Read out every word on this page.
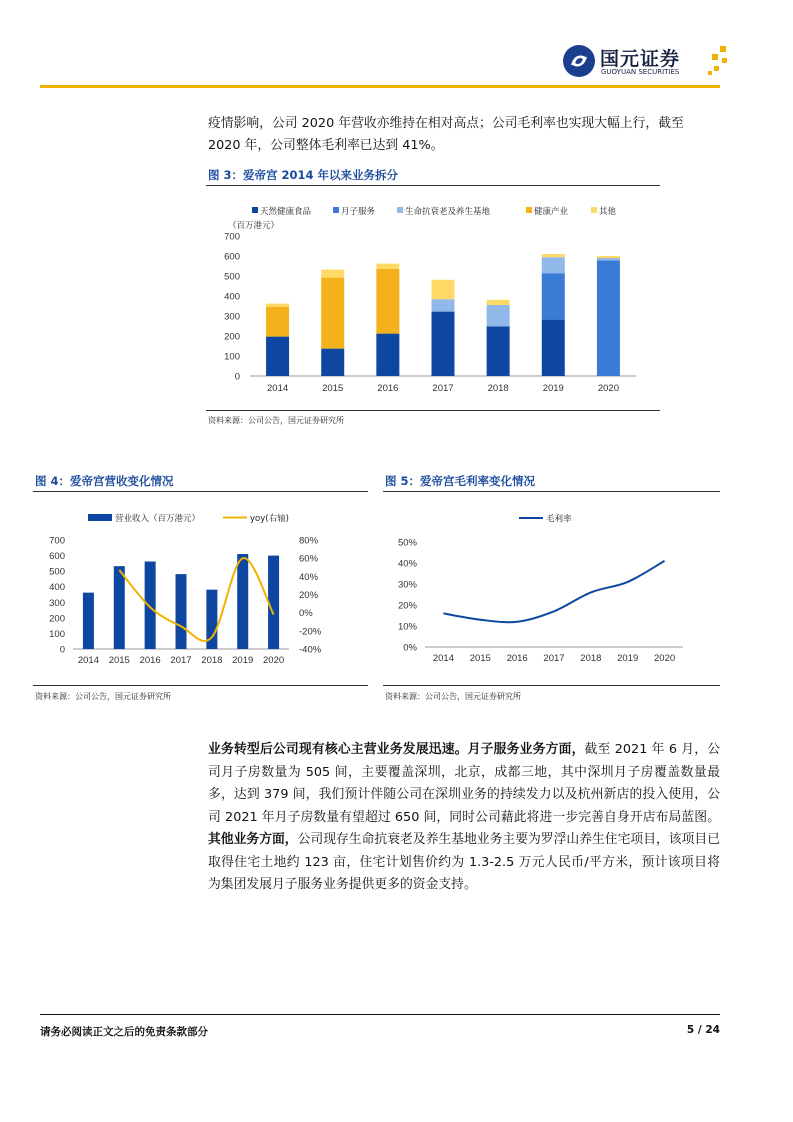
国元证券
GUOYUAN SECURITIES
疫情影响，公司 2020 年营收亦维持在相对高点；公司毛利率也实现大幅上行，截至
2020 年，公司整体毛利率已达到 41%。
图 3：爱帝宫 2014 年以来业务拆分
天然健康食品	月子服务	生命抗衰老及养生基地	健康产业	其他
（百万港元）
0
100
200
300
400
500
600
700
2014	2015	2016	2017	2018	2019	2020
资料来源：公司公告，国元证券研究所
图 4：爱帝宫营收变化情况
营业收入（百万港元）	yoy(右轴)
0
100
200
300
400
500
600
700
-40%
-20%
0%
20%
40%
60%
80%
2014 2015 2016 2017 2018 2019 2020
资料来源：公司公告，国元证券研究所
图 5：爱帝宫毛利率变化情况
毛利率
0%
10%
20%
30%
40%
50%
2014 2015 2016 2017 2018 2019 2020
资料来源：公司公告，国元证券研究所
业务转型后公司现有核心主营业务发展迅速。月子服务业务方面，截至 2021 年 6 月，公司月子房数量为 505 间，主要覆盖深圳，北京，成都三地，其中深圳月子房覆盖数量最多，达到 379 间，我们预计伴随公司在深圳业务的持续发力以及杭州新店的投入使用，公司 2021 年月子房数量有望超过 650 间，同时公司藉此将进一步完善自身开店布局蓝图。其他业务方面，公司现存生命抗衰老及养生基地业务主要为罗浮山养生住宅项目，该项目已取得住宅土地约 123 亩，住宅计划售价约为 1.3-2.5 万元人民币/平方米，预计该项目将为集团发展月子服务业务提供更多的资金支持。
请务必阅读正文之后的免责条款部分	5 / 24
